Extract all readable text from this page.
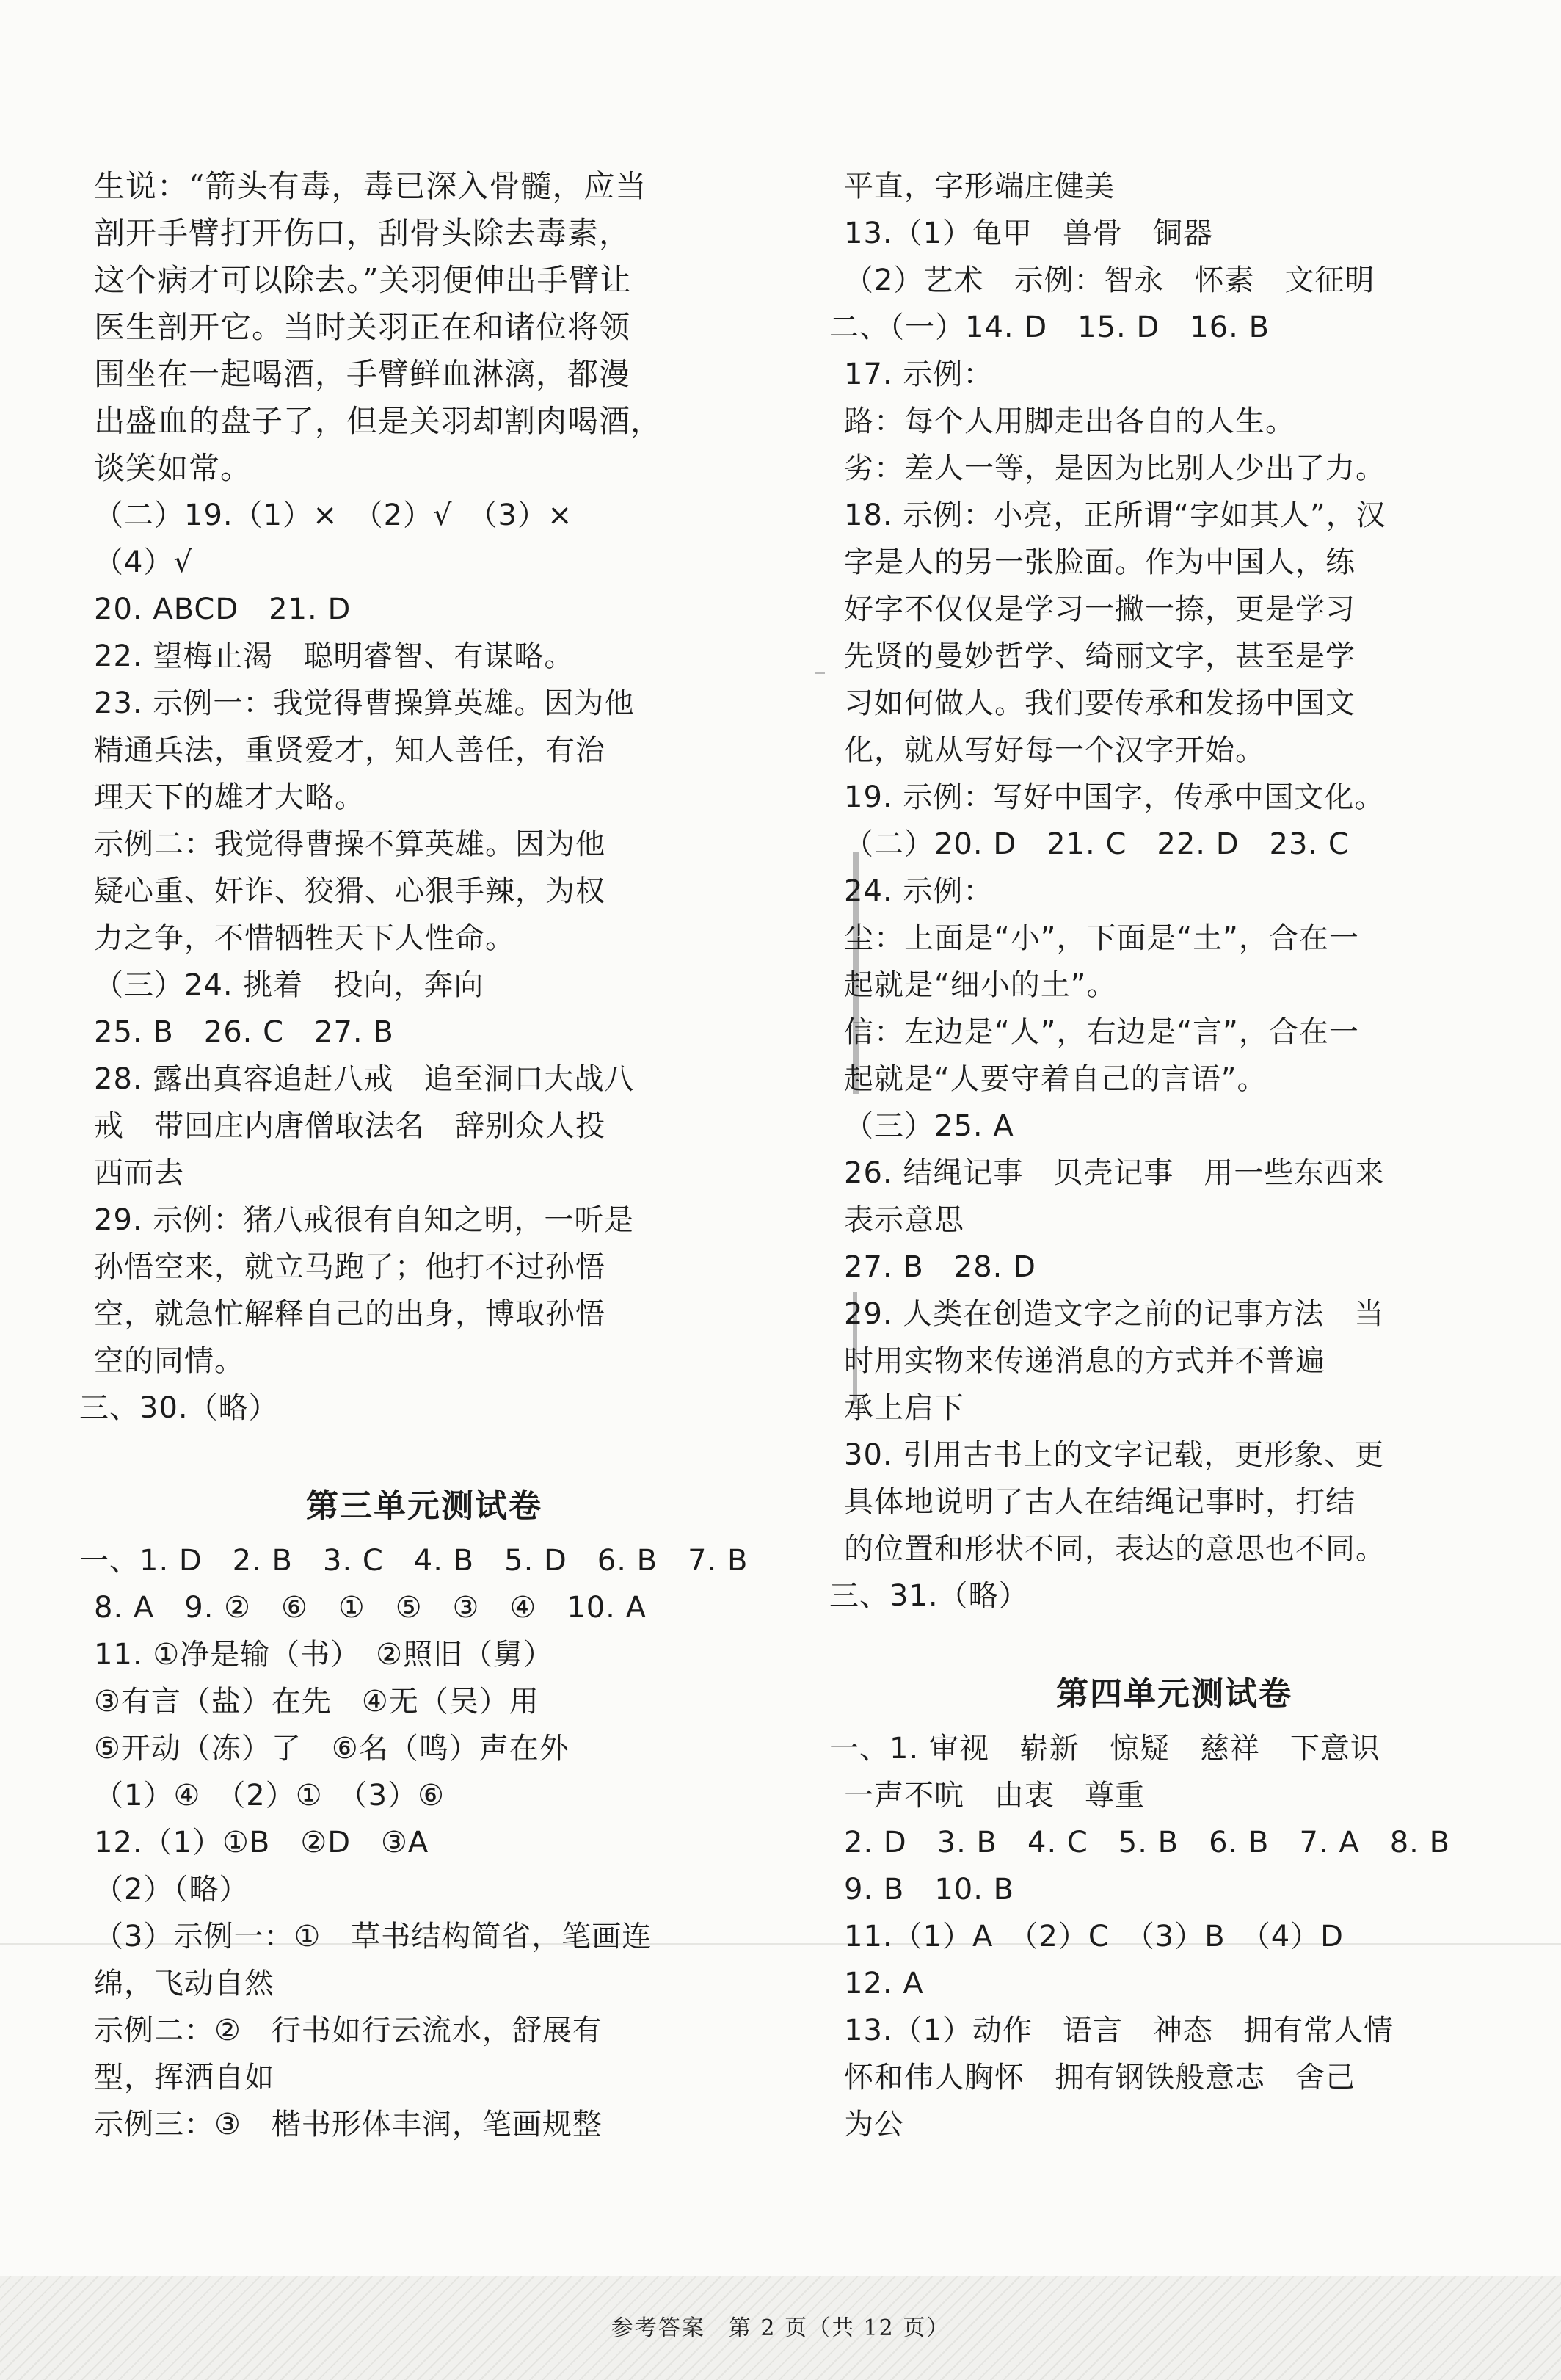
生说：“箭头有毒，毒已深入骨髓，应当
剖开手臂打开伤口，刮骨头除去毒素，
这个病才可以除去。”关羽便伸出手臂让
医生剖开它。当时关羽正在和诸位将领
围坐在一起喝酒，手臂鲜血淋漓，都漫
出盛血的盘子了，但是关羽却割肉喝酒，
谈笑如常。
（二）19.（1）×　（2）√　（3）×
（4）√
20. ABCD　21. D
22. 望梅止渴　聪明睿智、有谋略。
23. 示例一：我觉得曹操算英雄。因为他
精通兵法，重贤爱才，知人善任，有治
理天下的雄才大略。
示例二：我觉得曹操不算英雄。因为他
疑心重、奸诈、狡猾、心狠手辣，为权
力之争，不惜牺牲天下人性命。
（三）24. 挑着　投向，奔向
25. B　26. C　27. B
28. 露出真容追赶八戒　追至洞口大战八
戒　带回庄内唐僧取法名　辞别众人投
西而去
29. 示例：猪八戒很有自知之明，一听是
孙悟空来，就立马跑了；他打不过孙悟
空，就急忙解释自己的出身，博取孙悟
空的同情。
三、30.（略）
第三单元测试卷
一、1. D　2. B　3. C　4. B　5. D　6. B　7. B
8. A　9. ②　⑥　①　⑤　③　④　10. A
11. ①净是输（书）　②照旧（舅）
③有言（盐）在先　④无（吴）用
⑤开动（冻）了　⑥名（鸣）声在外
（1）④　（2）①　（3）⑥
12.（1）①B　②D　③A
（2）（略）
（3）示例一：①　草书结构简省，笔画连
绵，飞动自然
示例二：②　行书如行云流水，舒展有
型，挥洒自如
示例三：③　楷书形体丰润，笔画规整
平直，字形端庄健美
13.（1）龟甲　兽骨　铜器
（2）艺术　示例：智永　怀素　文征明
二、（一）14. D　15. D　16. B
17. 示例：
路：每个人用脚走出各自的人生。
劣：差人一等，是因为比别人少出了力。
18. 示例：小亮，正所谓“字如其人”，汉
字是人的另一张脸面。作为中国人，练
好字不仅仅是学习一撇一捺，更是学习
先贤的曼妙哲学、绮丽文字，甚至是学
习如何做人。我们要传承和发扬中国文
化，就从写好每一个汉字开始。
19. 示例：写好中国字，传承中国文化。
（二）20. D　21. C　22. D　23. C
24. 示例：
尘：上面是“小”，下面是“土”，合在一
起就是“细小的土”。
信：左边是“人”，右边是“言”，合在一
起就是“人要守着自己的言语”。
（三）25. A
26. 结绳记事　贝壳记事　用一些东西来
表示意思
27. B　28. D
29. 人类在创造文字之前的记事方法　当
时用实物来传递消息的方式并不普遍
承上启下
30. 引用古书上的文字记载，更形象、更
具体地说明了古人在结绳记事时，打结
的位置和形状不同，表达的意思也不同。
三、31.（略）
第四单元测试卷
一、1. 审视　崭新　惊疑　慈祥　下意识
一声不吭　由衷　尊重
2. D　3. B　4. C　5. B　6. B　7. A　8. B
9. B　10. B
11.（1）A　（2）C　（3）B　（4）D
12. A
13.（1）动作　语言　神态　拥有常人情
怀和伟人胸怀　拥有钢铁般意志　舍己
为公
参考答案　第 2 页（共 12 页）
